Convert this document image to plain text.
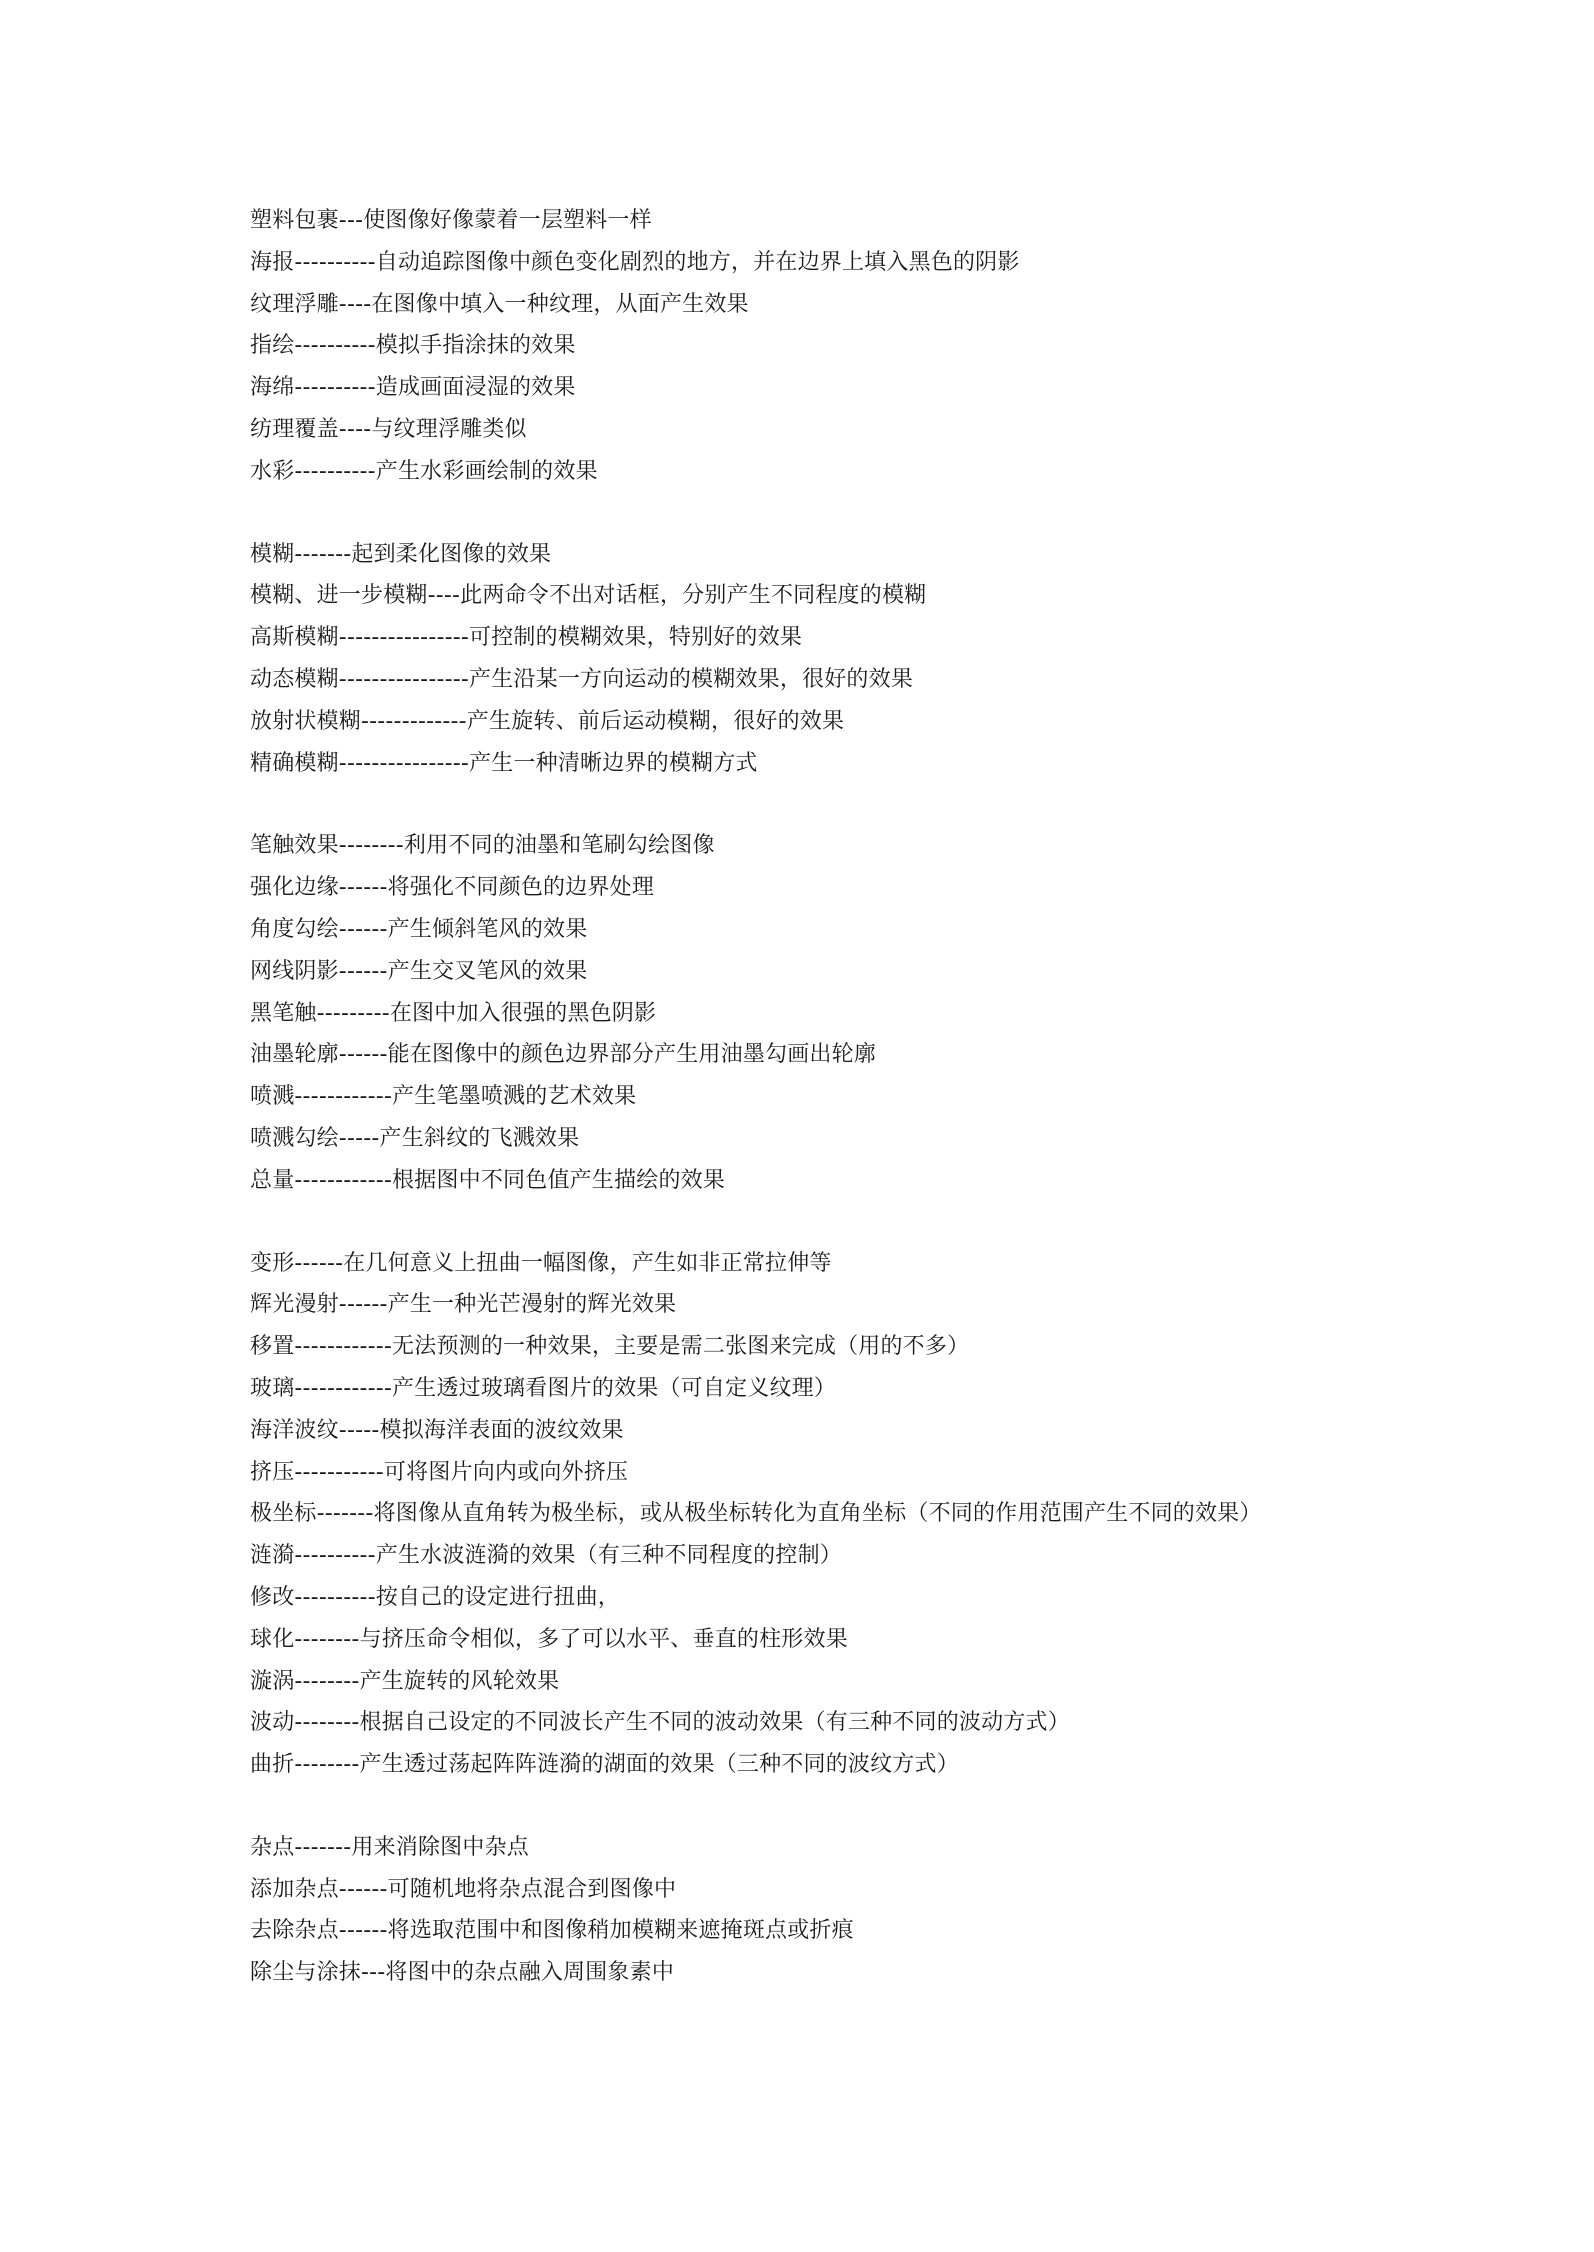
塑料包裹---使图像好像蒙着一层塑料一样
海报----------自动追踪图像中颜色变化剧烈的地方，并在边界上填入黑色的阴影
纹理浮雕----在图像中填入一种纹理，从面产生效果
指绘----------模拟手指涂抹的效果
海绵----------造成画面浸湿的效果
纺理覆盖----与纹理浮雕类似
水彩----------产生水彩画绘制的效果
模糊-------起到柔化图像的效果
模糊、进一步模糊----此两命令不出对话框，分别产生不同程度的模糊
高斯模糊----------------可控制的模糊效果，特别好的效果
动态模糊----------------产生沿某一方向运动的模糊效果，很好的效果
放射状模糊-------------产生旋转、前后运动模糊，很好的效果
精确模糊----------------产生一种清晰边界的模糊方式
笔触效果--------利用不同的油墨和笔刷勾绘图像
强化边缘------将强化不同颜色的边界处理
角度勾绘------产生倾斜笔风的效果
网线阴影------产生交叉笔风的效果
黑笔触---------在图中加入很强的黑色阴影
油墨轮廓------能在图像中的颜色边界部分产生用油墨勾画出轮廓
喷溅------------产生笔墨喷溅的艺术效果
喷溅勾绘-----产生斜纹的飞溅效果
总量------------根据图中不同色值产生描绘的效果
变形------在几何意义上扭曲一幅图像，产生如非正常拉伸等
辉光漫射------产生一种光芒漫射的辉光效果
移置------------无法预测的一种效果，主要是需二张图来完成（用的不多）
玻璃------------产生透过玻璃看图片的效果（可自定义纹理）
海洋波纹-----模拟海洋表面的波纹效果
挤压-----------可将图片向内或向外挤压
极坐标-------将图像从直角转为极坐标，或从极坐标转化为直角坐标（不同的作用范围产生不同的效果）
涟漪----------产生水波涟漪的效果（有三种不同程度的控制）
修改----------按自己的设定进行扭曲，
球化--------与挤压命令相似，多了可以水平、垂直的柱形效果
漩涡--------产生旋转的风轮效果
波动--------根据自己设定的不同波长产生不同的波动效果（有三种不同的波动方式）
曲折--------产生透过荡起阵阵涟漪的湖面的效果（三种不同的波纹方式）
杂点-------用来消除图中杂点
添加杂点------可随机地将杂点混合到图像中
去除杂点------将选取范围中和图像稍加模糊来遮掩斑点或折痕
除尘与涂抹---将图中的杂点融入周围象素中
